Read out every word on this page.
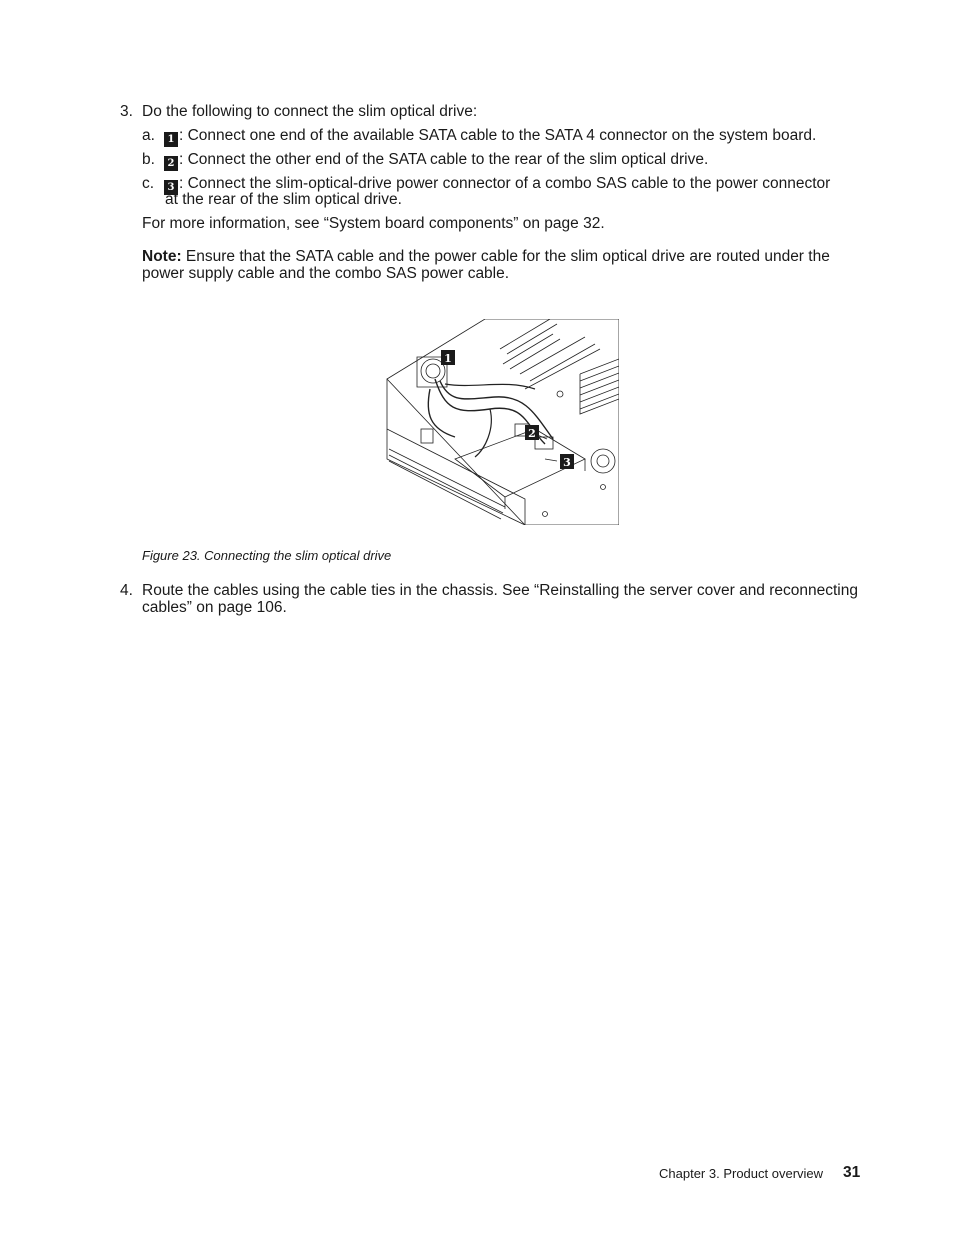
3. Do the following to connect the slim optical drive:
a.	1 : Connect one end of the available SATA cable to the SATA 4 connector on the system board.
b.	2 : Connect the other end of the SATA cable to the rear of the slim optical drive.
c.	3 : Connect the slim-optical-drive power connector of a combo SAS cable to the power connector
at the rear of the slim optical drive.
For more information, see “System board components” on page 32.
Note: Ensure that the SATA cable and the power cable for the slim optical drive are routed under the
power supply cable and the combo SAS power cable.
1
2
3
Figure 23. Connecting the slim optical drive
4. Route the cables using the cable ties in the chassis. See “Reinstalling the server cover and reconnecting
cables” on page 106.
Chapter 3. Product overview 31
